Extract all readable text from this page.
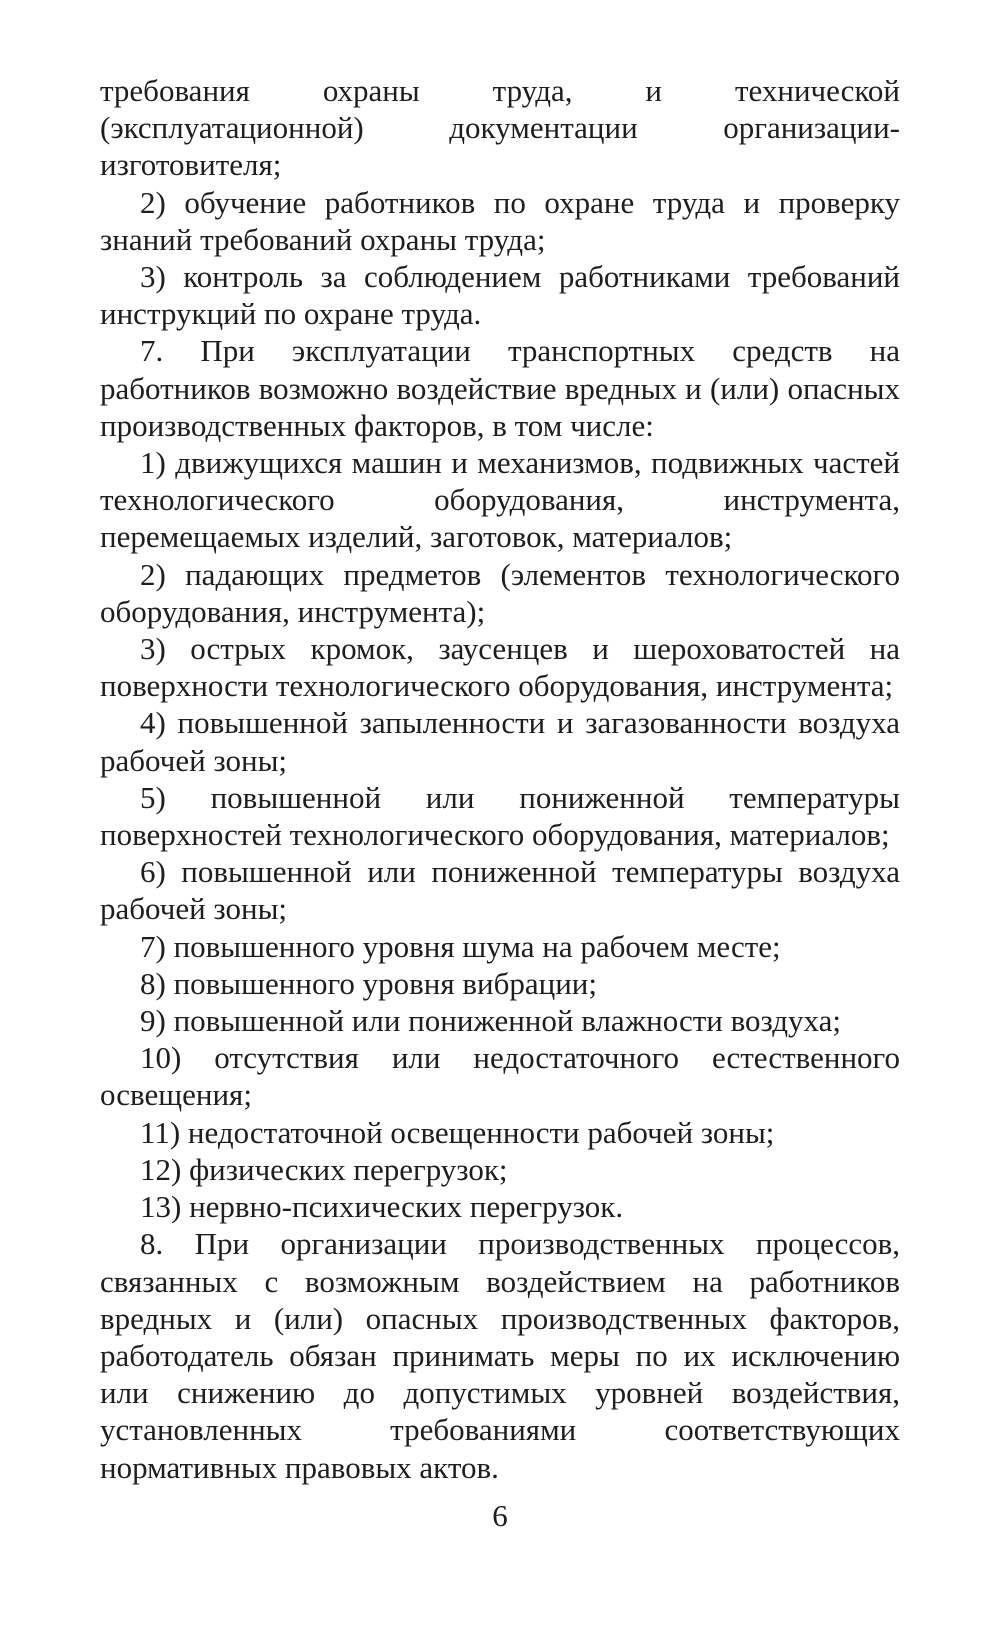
требования охраны труда, и технической (эксплуатационной) документации организации-изготовителя;

2) обучение работников по охране труда и проверку знаний требований охраны труда;

3) контроль за соблюдением работниками требований инструкций по охране труда.

7. При эксплуатации транспортных средств на работников возможно воздействие вредных и (или) опасных производственных факторов, в том числе:

1) движущихся машин и механизмов, подвижных частей технологического оборудования, инструмента, перемещаемых изделий, заготовок, материалов;

2) падающих предметов (элементов технологического оборудования, инструмента);

3) острых кромок, заусенцев и шероховатостей на поверхности технологического оборудования, инструмента;

4) повышенной запыленности и загазованности воздуха рабочей зоны;

5) повышенной или пониженной температуры поверхностей технологического оборудования, материалов;

6) повышенной или пониженной температуры воздуха рабочей зоны;

7) повышенного уровня шума на рабочем месте;

8) повышенного уровня вибрации;

9) повышенной или пониженной влажности воздуха;

10) отсутствия или недостаточного естественного освещения;

11) недостаточной освещенности рабочей зоны;

12) физических перегрузок;

13) нервно-психических перегрузок.

8. При организации производственных процессов, связанных с возможным воздействием на работников вредных и (или) опасных производственных факторов, работодатель обязан принимать меры по их исключению или снижению до допустимых уровней воздействия, установленных требованиями соответствующих нормативных правовых актов.

6
